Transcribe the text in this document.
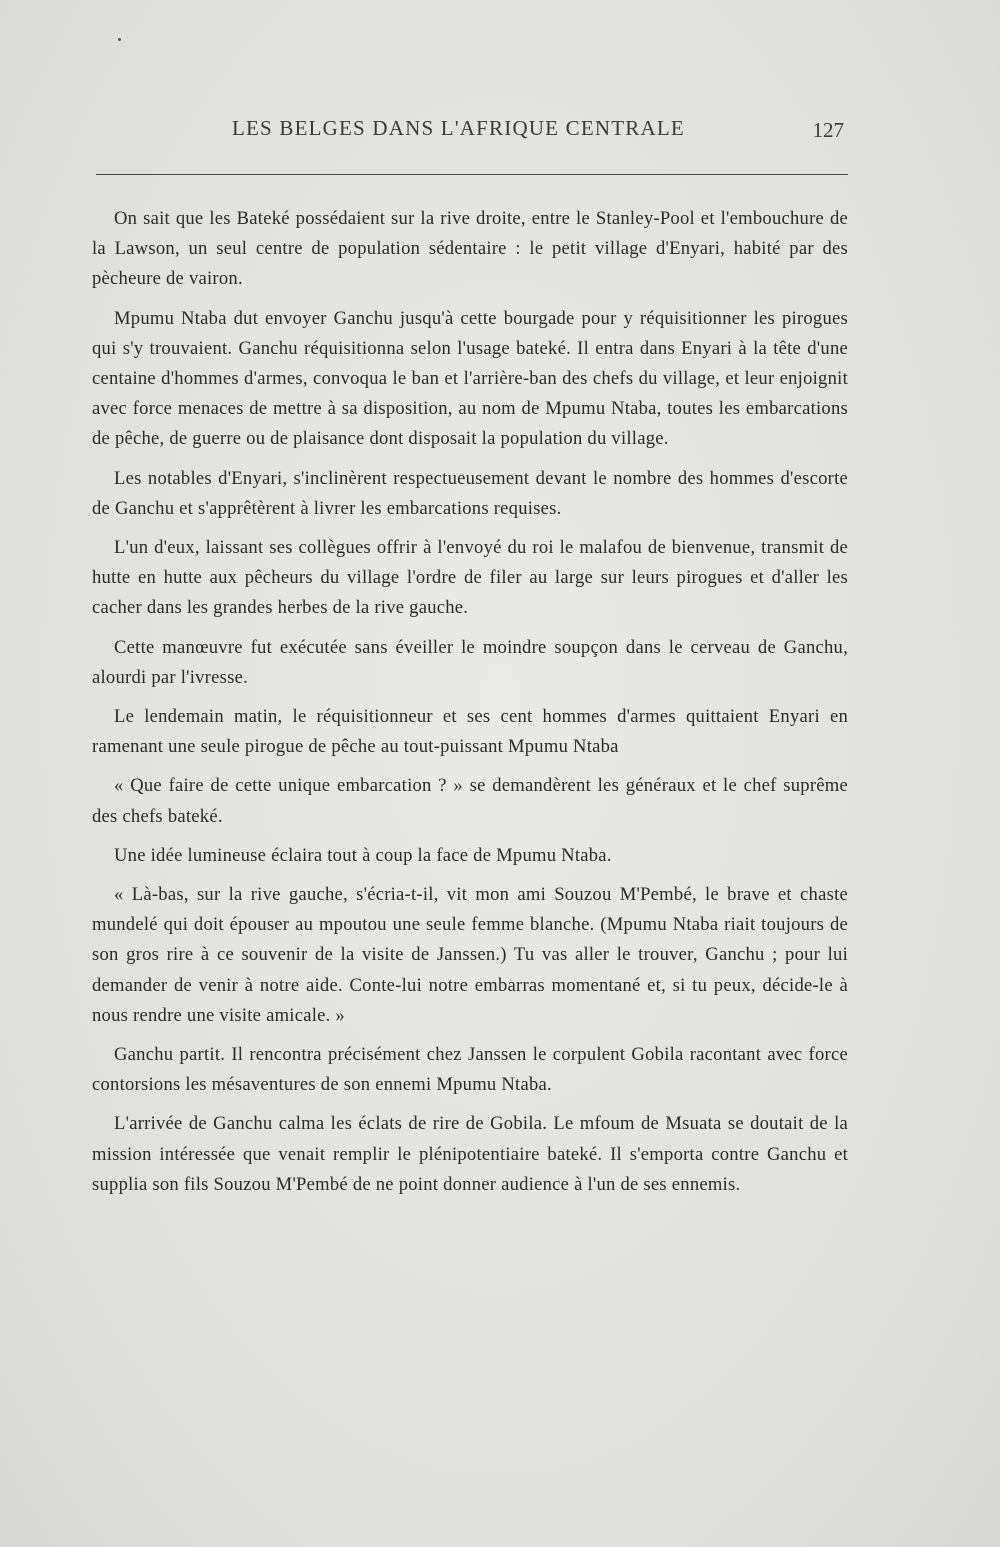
LES BELGES DANS L'AFRIQUE CENTRALE	127

On sait que les Bateké possédaient sur la rive droite, entre le Stanley-Pool et l'embouchure de la Lawson, un seul centre de population sédentaire : le petit village d'Enyari, habité par des pècheure de vairon.

Mpumu Ntaba dut envoyer Ganchu jusqu'à cette bourgade pour y réquisitionner les pirogues qui s'y trouvaient. Ganchu réquisitionna selon l'usage bateké. Il entra dans Enyari à la tête d'une centaine d'hommes d'armes, convoqua le ban et l'arrière-ban des chefs du village, et leur enjoignit avec force menaces de mettre à sa disposition, au nom de Mpumu Ntaba, toutes les embarcations de pêche, de guerre ou de plaisance dont disposait la population du village.

Les notables d'Enyari, s'inclinèrent respectueusement devant le nombre des hommes d'escorte de Ganchu et s'apprêtèrent à livrer les embarcations requises.

L'un d'eux, laissant ses collègues offrir à l'envoyé du roi le malafou de bienvenue, transmit de hutte en hutte aux pêcheurs du village l'ordre de filer au large sur leurs pirogues et d'aller les cacher dans les grandes herbes de la rive gauche.

Cette manœuvre fut exécutée sans éveiller le moindre soupçon dans le cerveau de Ganchu, alourdi par l'ivresse.

Le lendemain matin, le réquisitionneur et ses cent hommes d'armes quittaient Enyari en ramenant une seule pirogue de pêche au tout-puissant Mpumu Ntaba

« Que faire de cette unique embarcation ? » se demandèrent les généraux et le chef suprême des chefs bateké.

Une idée lumineuse éclaira tout à coup la face de Mpumu Ntaba.

« Là-bas, sur la rive gauche, s'écria-t-il, vit mon ami Souzou M'Pembé, le brave et chaste mundelé qui doit épouser au mpoutou une seule femme blanche. (Mpumu Ntaba riait toujours de son gros rire à ce souvenir de la visite de Janssen.) Tu vas aller le trouver, Ganchu ; pour lui demander de venir à notre aide. Conte-lui notre embarras momentané et, si tu peux, décide-le à nous rendre une visite amicale. »

Ganchu partit. Il rencontra précisément chez Janssen le corpulent Gobila racontant avec force contorsions les mésaventures de son ennemi Mpumu Ntaba.

L'arrivée de Ganchu calma les éclats de rire de Gobila. Le mfoum de Msuata se doutait de la mission intéressée que venait remplir le plénipotentiaire bateké. Il s'emporta contre Ganchu et supplia son fils Souzou M'Pembé de ne point donner audience à l'un de ses ennemis.
